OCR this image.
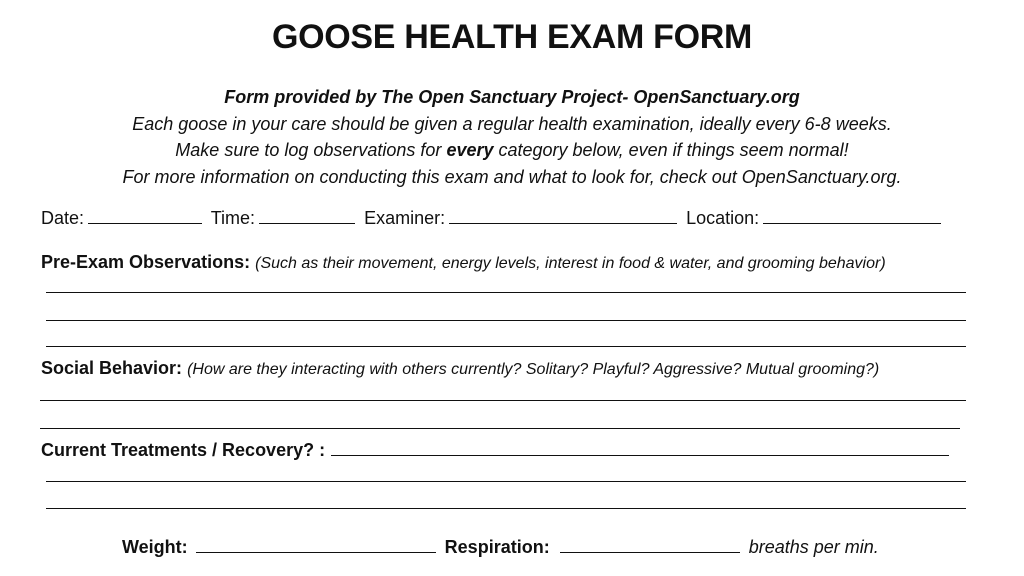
GOOSE HEALTH EXAM FORM
Form provided by The Open Sanctuary Project- OpenSanctuary.org
Each goose in your care should be given a regular health examination, ideally every 6-8 weeks.
Make sure to log observations for every category below, even if things seem normal!
For more information on conducting this exam and what to look for, check out OpenSanctuary.org.
Date:	Time:	Examiner:	Location:
Pre-Exam Observations: (Such as their movement, energy levels, interest in food & water, and grooming behavior)
Social Behavior: (How are they interacting with others currently? Solitary? Playful? Aggressive? Mutual grooming?)
Current Treatments / Recovery? :
Weight:	Respiration:	breaths per min.
